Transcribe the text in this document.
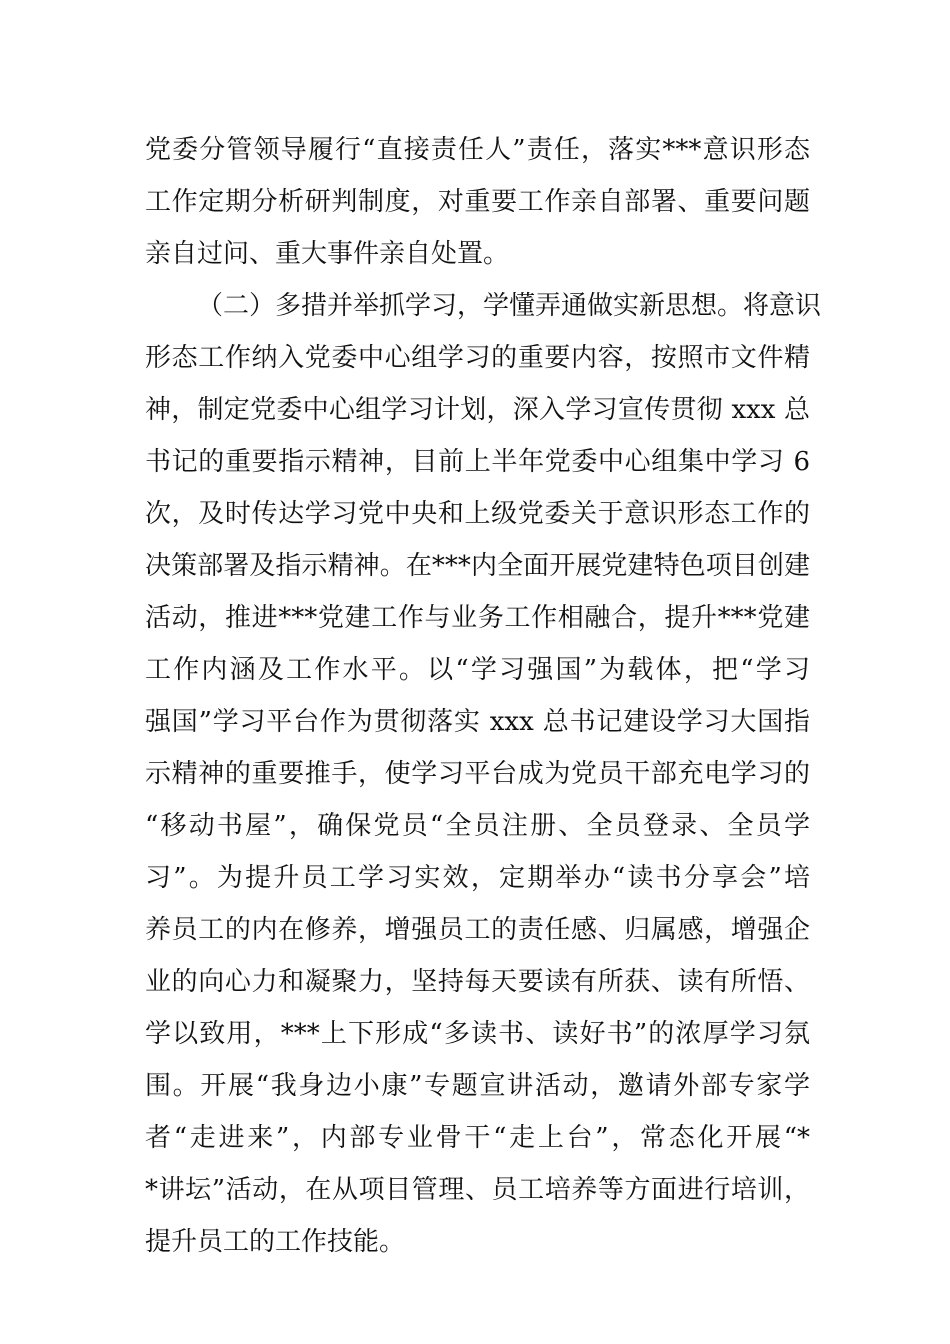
党委分管领导履行“直接责任人”责任，落实***意识形态
工作定期分析研判制度，对重要工作亲自部署、重要问题
亲自过问、重大事件亲自处置。
（二）多措并举抓学习，学懂弄通做实新思想。将意识
形态工作纳入党委中心组学习的重要内容，按照市文件精
神，制定党委中心组学习计划，深入学习宣传贯彻 xxx 总
书记的重要指示精神，目前上半年党委中心组集中学习 6
次，及时传达学习党中央和上级党委关于意识形态工作的
决策部署及指示精神。在***内全面开展党建特色项目创建
活动，推进***党建工作与业务工作相融合，提升***党建
工作内涵及工作水平。以“学习强国”为载体，把“学习
强国”学习平台作为贯彻落实 xxx 总书记建设学习大国指
示精神的重要推手，使学习平台成为党员干部充电学习的
“移动书屋”，确保党员“全员注册、全员登录、全员学
习”。为提升员工学习实效，定期举办“读书分享会”培
养员工的内在修养，增强员工的责任感、归属感，增强企
业的向心力和凝聚力，坚持每天要读有所获、读有所悟、
学以致用，***上下形成“多读书、读好书”的浓厚学习氛
围。开展“我身边小康”专题宣讲活动，邀请外部专家学
者“走进来”，内部专业骨干“走上台”，常态化开展“*
*讲坛”活动，在从项目管理、员工培养等方面进行培训，
提升员工的工作技能。
